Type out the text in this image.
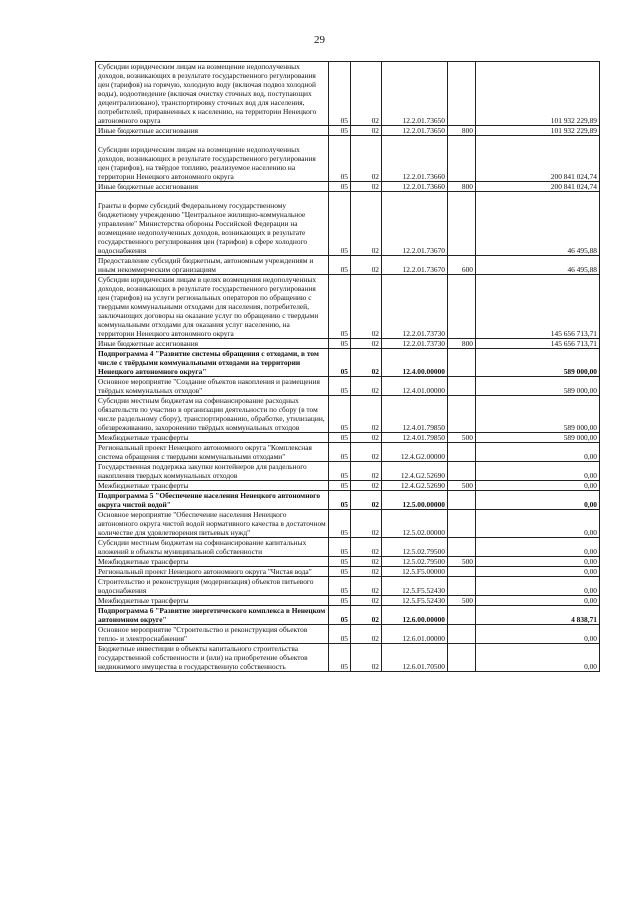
29
Субсидии юридическим лицам на возмещение недополученных доходов, возникающих в результате государственного регулирования цен (тарифов) на горячую, холодную воду (включая подвоз холодной воды), водоотведение (включая очистку сточных вод, поступающих децентрализовано), транспортировку сточных вод для населения, потребителей, приравненных к населению, на территории Ненецкого автономного округа	05	02	12.2.01.73650		101 932 229,89
Иные бюджетные ассигнования	05	02	12.2.01.73650	800	101 932 229,89
Субсидии юридическим лицам на возмещение недополученных доходов, возникающих в результате государственного регулирования цен (тарифов), на твёрдое топливо, реализуемое населению на территории Ненецкого автономного округа	05	02	12.2.01.73660		200 841 024,74
Иные бюджетные ассигнования	05	02	12.2.01.73660	800	200 841 024,74
Гранты в форме субсидий Федеральному государственному бюджетному учреждению "Центральное жилищно-коммунальное управление" Министерства обороны Российской Федерации на возмещение недополученных доходов, возникающих в результате государственного регулирования цен (тарифов) в сфере холодного водоснабжения	05	02	12.2.01.73670		46 495,88
Предоставление субсидий бюджетным, автономным учреждениям и иным некоммерческим организациям	05	02	12.2.01.73670	600	46 495,88
Субсидии юридическим лицам в целях возмещения недополученных доходов, возникающих в результате государственного регулирования цен (тарифов) на услуги региональных операторов по обращению с твердыми коммунальными отходами для населения, потребителей, заключающих договоры на оказание услуг по обращению с твердыми коммунальными отходами для оказания услуг населению, на территории Ненецкого автономного округа	05	02	12.2.01.73730		145 656 713,71
Иные бюджетные ассигнования	05	02	12.2.01.73730	800	145 656 713,71
Подпрограмма 4 "Развитие системы обращения с отходами, в том числе с твёрдыми коммунальными отходами на территории Ненецкого автономного округа"	05	02	12.4.00.00000		589 000,00
Основное мероприятие "Создание объектов накопления и размещения твёрдых коммунальных отходов"	05	02	12.4.01.00000		589 000,00
Субсидии местным бюджетам на софинансирование расходных обязательств по участию в организации деятельности по сбору (в том числе раздельному сбору), транспортированию, обработке, утилизации, обезвреживанию, захоронению твёрдых коммунальных отходов	05	02	12.4.01.79850		589 000,00
Межбюджетные трансферты	05	02	12.4.01.79850	500	589 000,00
Региональный проект Ненецкого автономного округа "Комплексная система обращения с твердыми коммунальными отходами"	05	02	12.4.G2.00000		0,00
Государственная поддержка закупки контейнеров для раздельного накопления твердых коммунальных отходов	05	02	12.4.G2.52690		0,00
Межбюджетные трансферты	05	02	12.4.G2.52690	500	0,00
Подпрограмма 5 "Обеспечение населения Ненецкого автономного округа чистой водой"	05	02	12.5.00.00000		0,00
Основное мероприятие "Обеспечение населения Ненецкого автономного округа чистой водой нормативного качества в достаточном количестве для удовлетворения питьевых нужд"	05	02	12.5.02.00000		0,00
Субсидии местным бюджетам на софинансирование капитальных вложений в объекты муниципальной собственности	05	02	12.5.02.79500		0,00
Межбюджетные трансферты	05	02	12.5.02.79500	500	0,00
Региональный проект Ненецкого автономного округа "Чистая вода"	05	02	12.5.F5.00000		0,00
Строительство и реконструкция (модернизация) объектов питьевого водоснабжения	05	02	12.5.F5.52430		0,00
Межбюджетные трансферты	05	02	12.5.F5.52430	500	0,00
Подпрограмма 6 "Развитие энергетического комплекса в Ненецком автономном округе"	05	02	12.6.00.00000		4 838,71
Основное мероприятие "Строительство и реконструкция объектов тепло- и электроснабжения"	05	02	12.6.01.00000		0,00
Бюджетные инвестиции в объекты капитального строительства государственной собственности и (или) на приобретение объектов недвижимого имущества в государственную собственность	05	02	12.6.01.70500		0,00
